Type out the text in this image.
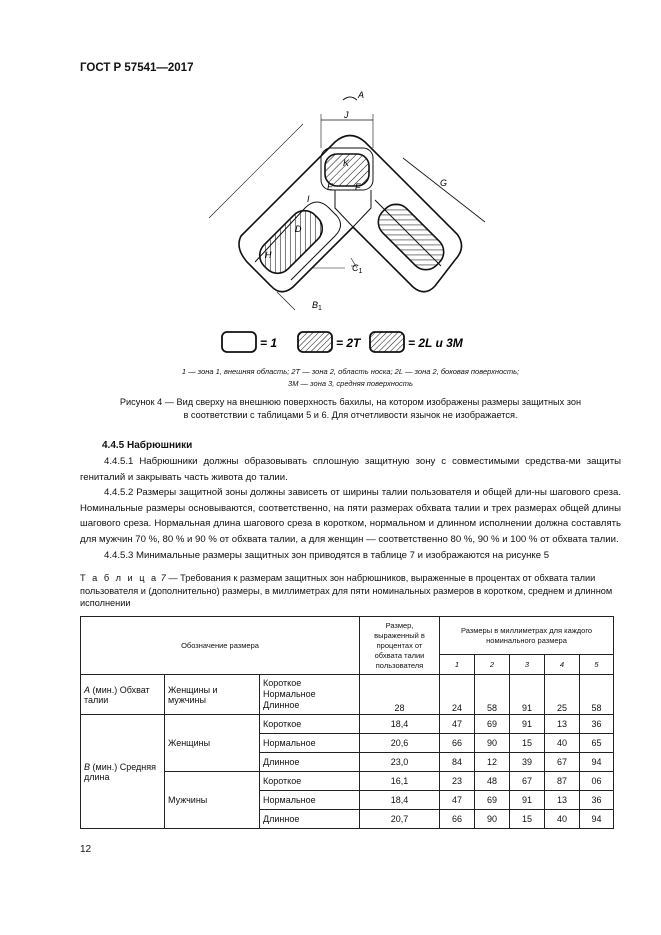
ГОСТ Р 57541—2017
A
J
K
G
E F
I
D
H
$C_1$
$B_1$
= 1	= 2T	= 2L и 3M
1 — зона 1, внешняя область; 2T — зона 2, область носка; 2L — зона 2, боковая поверхность;
3M — зона 3, средняя поверхность
Рисунок 4 — Вид сверху на внешнюю поверхность бахилы, на котором изображены размеры защитных зон
в соответствии с таблицами 5 и 6. Для отчетливости язычок не изображается.
4.4.5 Набрюшники

4.4.5.1 Набрюшники должны образовывать сплошную защитную зону с совместимыми средства-ми защиты гениталий и закрывать часть живота до талии.

4.4.5.2 Размеры защитной зоны должны зависеть от ширины талии пользователя и общей дли-ны шагового среза. Номинальные размеры основываются, соответственно, на пяти размерах обхвата талии и трех размерах общей длины шагового среза. Нормальная длина шагового среза в коротком, нормальном и длинном исполнении должна составлять для мужчин 70 %, 80 % и 90 % от обхвата талии, а для женщин — соответственно 80 %, 90 % и 100 % от обхвата талии.

4.4.5.3 Минимальные размеры защитных зон приводятся в таблице 7 и изображаются на рисунке 5

Т а б л и ц а 7 — Требования к размерам защитных зон набрюшников, выраженные в процентах от обхвата талии пользователя и (дополнительно) размеры, в миллиметрах для пяти номинальных размеров в коротком, среднем и длинном исполнении
Обозначение размера			Размер, выраженный в процентах от обхвата талии пользователя	Размеры в миллиметрах для каждого номинального размера				
				1	2	3	4	5
A (мин.) Обхват талии	Женщины и мужчины	Короткое
Нормальное
Длинное	28	24	58	91	25	58
B (мин.) Средняя длина	Женщины	Короткое	18,4	47	69	91	13	36
		Нормальное	20,6	66	90	15	40	65
		Длинное	23,0	84	12	39	67	94
	Мужчины	Короткое	16,1	23	48	67	87	06
		Нормальное	18,4	47	69	91	13	36
		Длинное	20,7	66	90	15	40	94
12
